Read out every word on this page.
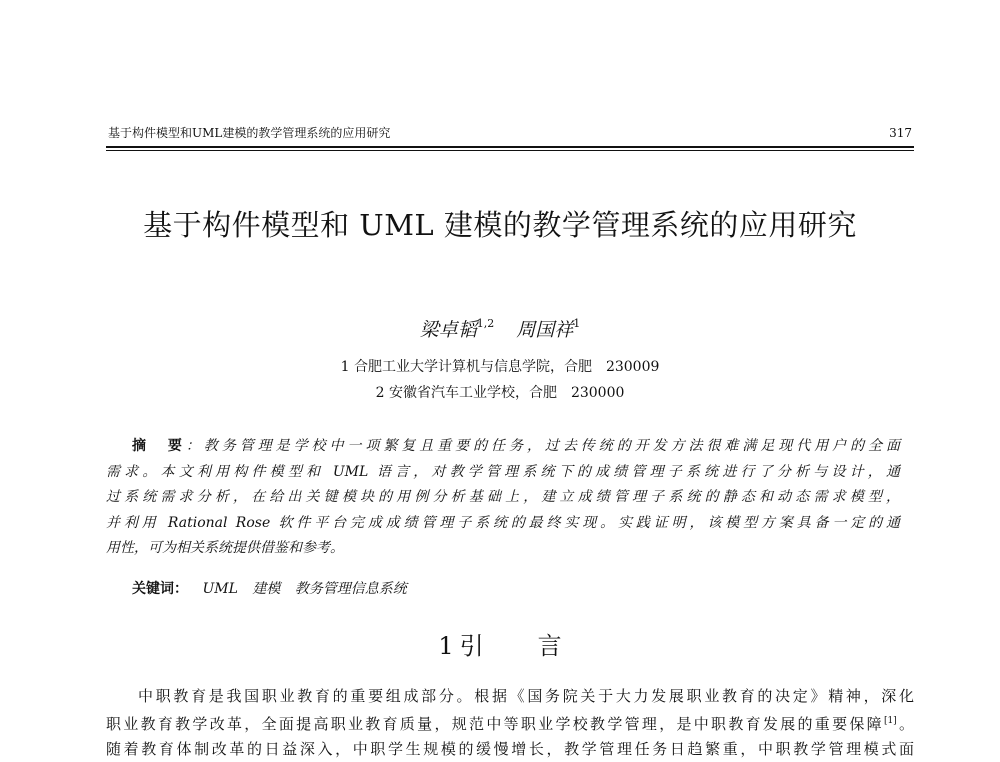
基于构件模型和UML建模的教学管理系统的应用研究	317
基于构件模型和 UML 建模的教学管理系统的应用研究
梁卓韬$^{1,2}$ 周国祥$^1$
1 合肥工业大学计算机与信息学院，合肥　230009
2 安徽省汽车工业学校，合肥　230000
摘　要：教务管理是学校中一项繁复且重要的任务，过去传统的开发方法很难满足现代用户的全面
需求。本文利用构件模型和 UML 语言，对教学管理系统下的成绩管理子系统进行了分析与设计，通
过系统需求分析，在给出关键模块的用例分析基础上，建立成绩管理子系统的静态和动态需求模型，
并利用 Rational Rose 软件平台完成成绩管理子系统的最终实现。实践证明，该模型方案具备一定的通
用性，可为相关系统提供借鉴和参考。
关键词： UML 建模 教务管理信息系统
1 引 言
中职教育是我国职业教育的重要组成部分。根据《国务院关于大力发展职业教育的决定》精神，深化
职业教育教学改革，全面提高职业教育质量，规范中等职业学校教学管理，是中职教育发展的重要保障[1]。
随着教育体制改革的日益深入，中职学生规模的缓慢增长，教学管理任务日趋繁重，中职教学管理模式面
